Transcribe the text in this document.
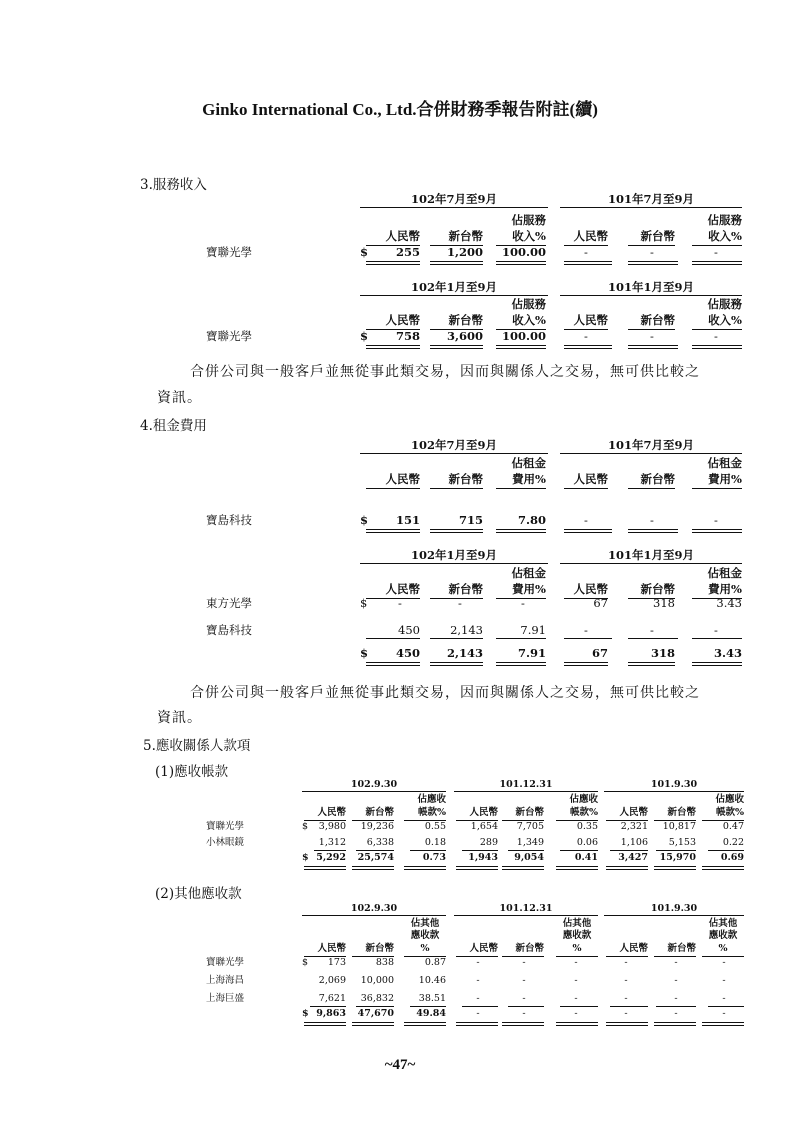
Ginko International Co., Ltd.合併財務季報告附註(續)
3.服務收入
102年7月至9月	101年7月至9月
佔服務	佔服務
人民幣	新台幣	收入%	人民幣	新台幣	收入%
寶聯光學	$	255	1,200	100.00	-	-	-
102年1月至9月	101年1月至9月
佔服務	佔服務
人民幣	新台幣	收入%	人民幣	新台幣	收入%
寶聯光學	$	758	3,600	100.00	-	-	-
合併公司與一般客戶並無從事此類交易，因而與關係人之交易，無可供比較之
資訊。
4.租金費用
102年7月至9月	101年7月至9月
佔租金	佔租金
人民幣	新台幣	費用%	人民幣	新台幣	費用%
寶島科技	$	151	715	7.80	-	-	-
102年1月至9月	101年1月至9月
佔租金	佔租金
人民幣	新台幣	費用%	人民幣	新台幣	費用%
東方光學	$	-	-	-	67	318	3.43
寶島科技	450	2,143	7.91	-	-	-
$	450	2,143	7.91	67	318	3.43
合併公司與一般客戶並無從事此類交易，因而與關係人之交易，無可供比較之
資訊。
5.應收關係人款項
(1)應收帳款
102.9.30	101.12.31	101.9.30
佔應收	佔應收	佔應收
人民幣	新台幣	帳款%	人民幣	新台幣	帳款%	人民幣	新台幣	帳款%
寶聯光學	$	3,980	19,236	0.55	1,654	7,705	0.35	2,321	10,817	0.47
小林眼鏡	1,312	6,338	0.18	289	1,349	0.06	1,106	5,153	0.22
$ 5,292	25,574	0.73	1,943	9,054	0.41	3,427	15,970	0.69
(2)其他應收款
102.9.30	101.12.31	101.9.30
佔其他	佔其他	佔其他
應收款	應收款	應收款
人民幣	新台幣	%	人民幣	新台幣	%	人民幣	新台幣	%
寶聯光學	$	173	838	0.87	-	-	-	-	-	-
上海海昌	2,069	10,000	10.46	-	-	-	-	-	-
上海巨盛	7,621	36,832	38.51	-	-	-	-	-	-
$ 9,863	47,670	49.84	-	-	-	-	-	-
~47~
